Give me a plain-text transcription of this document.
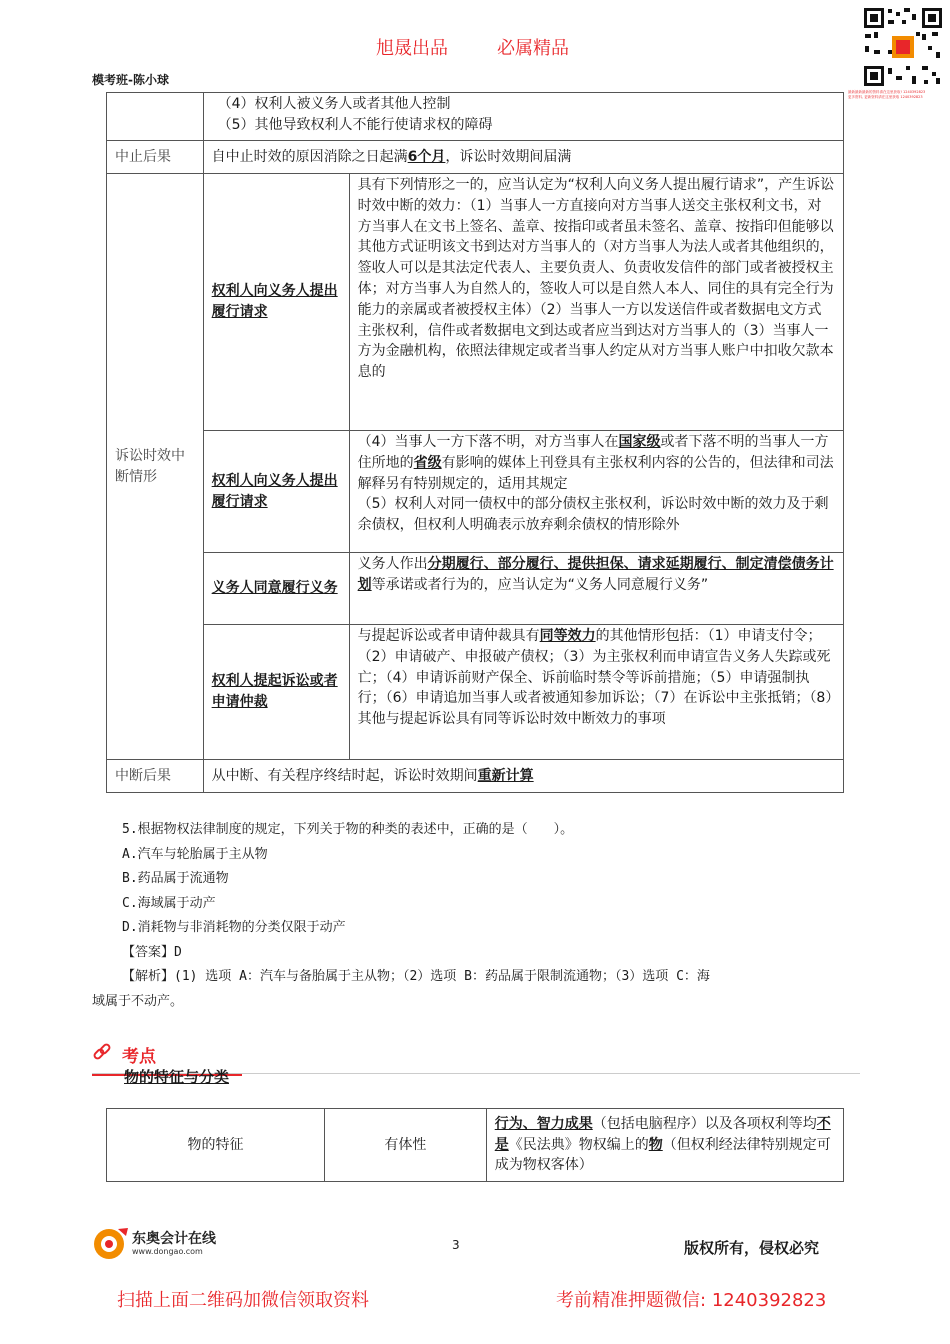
旭晟出品	必属精品
模考班-陈小球
最新最新最新的资料请在这里获取! 1240392823
更多资料, 更新资料请在这里获取 1240392823

	（4）权利人被义务人或者其他人控制
（5）其他导致权利人不能行使请求权的障碍	

中止后果	自中止时效的原因消除之日起满6个月，诉讼时效期间届满	
诉讼时效中断情形	权利人向义务人提出履行请求	具有下列情形之一的，应当认定为“权利人向义务人提出履行请求”，产生诉讼时效中断的效力：（1）当事人一方直接向对方当事人送交主张权利文书，对方当事人在文书上签名、盖章、按指印或者虽未签名、盖章、按指印但能够以其他方式证明该文书到达对方当事人的（对方当事人为法人或者其他组织的，签收人可以是其法定代表人、主要负责人、负责收发信件的部门或者被授权主体；对方当事人为自然人的，签收人可以是自然人本人、同住的具有完全行为能力的亲属或者被授权主体）（2）当事人一方以发送信件或者数据电文方式主张权利，信件或者数据电文到达或者应当到达对方当事人的（3）当事人一方为金融机构，依照法律规定或者当事人约定从对方当事人账户中扣收欠款本息的
	权利人向义务人提出履行请求	（4）当事人一方下落不明，对方当事人在国家级或者下落不明的当事人一方住所地的省级有影响的媒体上刊登具有主张权利内容的公告的，但法律和司法解释另有特别规定的，适用其规定
（5）权利人对同一债权中的部分债权主张权利，诉讼时效中断的效力及于剩余债权，但权利人明确表示放弃剩余债权的情形除外
	义务人同意履行义务	义务人作出分期履行、部分履行、提供担保、请求延期履行、制定清偿债务计划等承诺或者行为的，应当认定为“义务人同意履行义务”
	权利人提起诉讼或者申请仲裁	与提起诉讼或者申请仲裁具有同等效力的其他情形包括：（1）申请支付令；（2）申请破产、申报破产债权；（3）为主张权利而申请宣告义务人失踪或死亡；（4）申请诉前财产保全、诉前临时禁令等诉前措施；（5）申请强制执行；（6）申请追加当事人或者被通知参加诉讼；（7）在诉讼中主张抵销；（8）其他与提起诉讼具有同等诉讼时效中断效力的事项
中断后果	从中断、有关程序终结时起，诉讼时效期间重新计算	
5.根据物权法律制度的规定，下列关于物的种类的表述中，正确的是（　　）。
A.汽车与轮胎属于主从物
B.药品属于流通物
C.海域属于动产
D.消耗物与非消耗物的分类仅限于动产
【答案】D
【解析】(1) 选项 A：汽车与备胎属于主从物；（2）选项 B：药品属于限制流通物；（3）选项 C：海
域属于不动产。
考点
物的特征与分类
物的特征	有体性	行为、智力成果（包括电脑程序）以及各项权利等均不是《民法典》物权编上的物（但权利经法律特别规定可成为物权客体）
东奥会计在线
www.dongao.com	3	版权所有，侵权必究
扫描上面二维码加微信领取资料	考前精准押题微信: 1240392823
